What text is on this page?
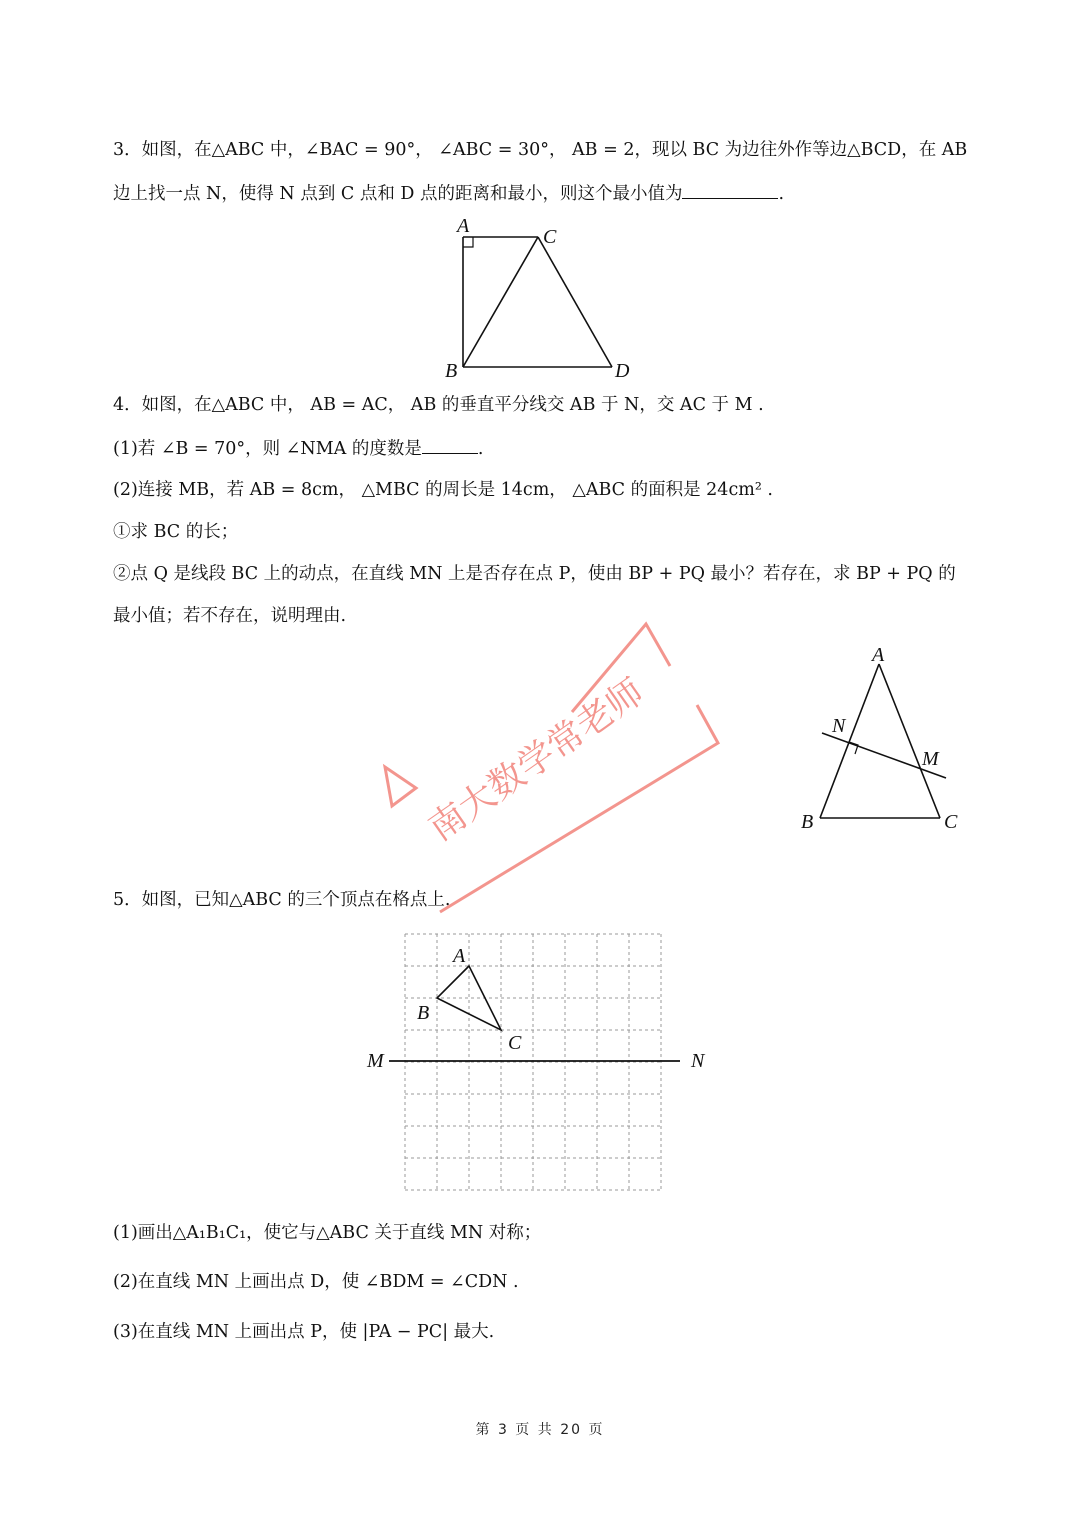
3．如图，在△ABC 中，∠BAC = 90°， ∠ABC = 30°， AB = 2，现以 BC 为边往外作等边△BCD，在 AB
边上找一点 N，使得 N 点到 C 点和 D 点的距离和最小，则这个最小值为	.
4．如图，在△ABC 中， AB = AC， AB 的垂直平分线交 AB 于 N，交 AC 于 M .
(1)若 ∠B = 70°，则 ∠NMA 的度数是	.
(2)连接 MB，若 AB = 8cm， △MBC 的周长是 14cm， △ABC 的面积是 24cm² .
①求 BC 的长；
②点 Q 是线段 BC 上的动点，在直线 MN 上是否存在点 P，使由 BP + PQ 最小？若存在，求 BP + PQ 的
最小值；若不存在，说明理由.
5．如图，已知△ABC 的三个顶点在格点上.
(1)画出△A₁B₁C₁，使它与△ABC 关于直线 MN 对称；
(2)在直线 MN 上画出点 D，使 ∠BDM = ∠CDN .
(3)在直线 MN 上画出点 P，使 |PA − PC| 最大.
A	C
B	D
A
N
M
B	C
A
B
C
M	N
南大数学常老师
第 3 页 共 20 页
